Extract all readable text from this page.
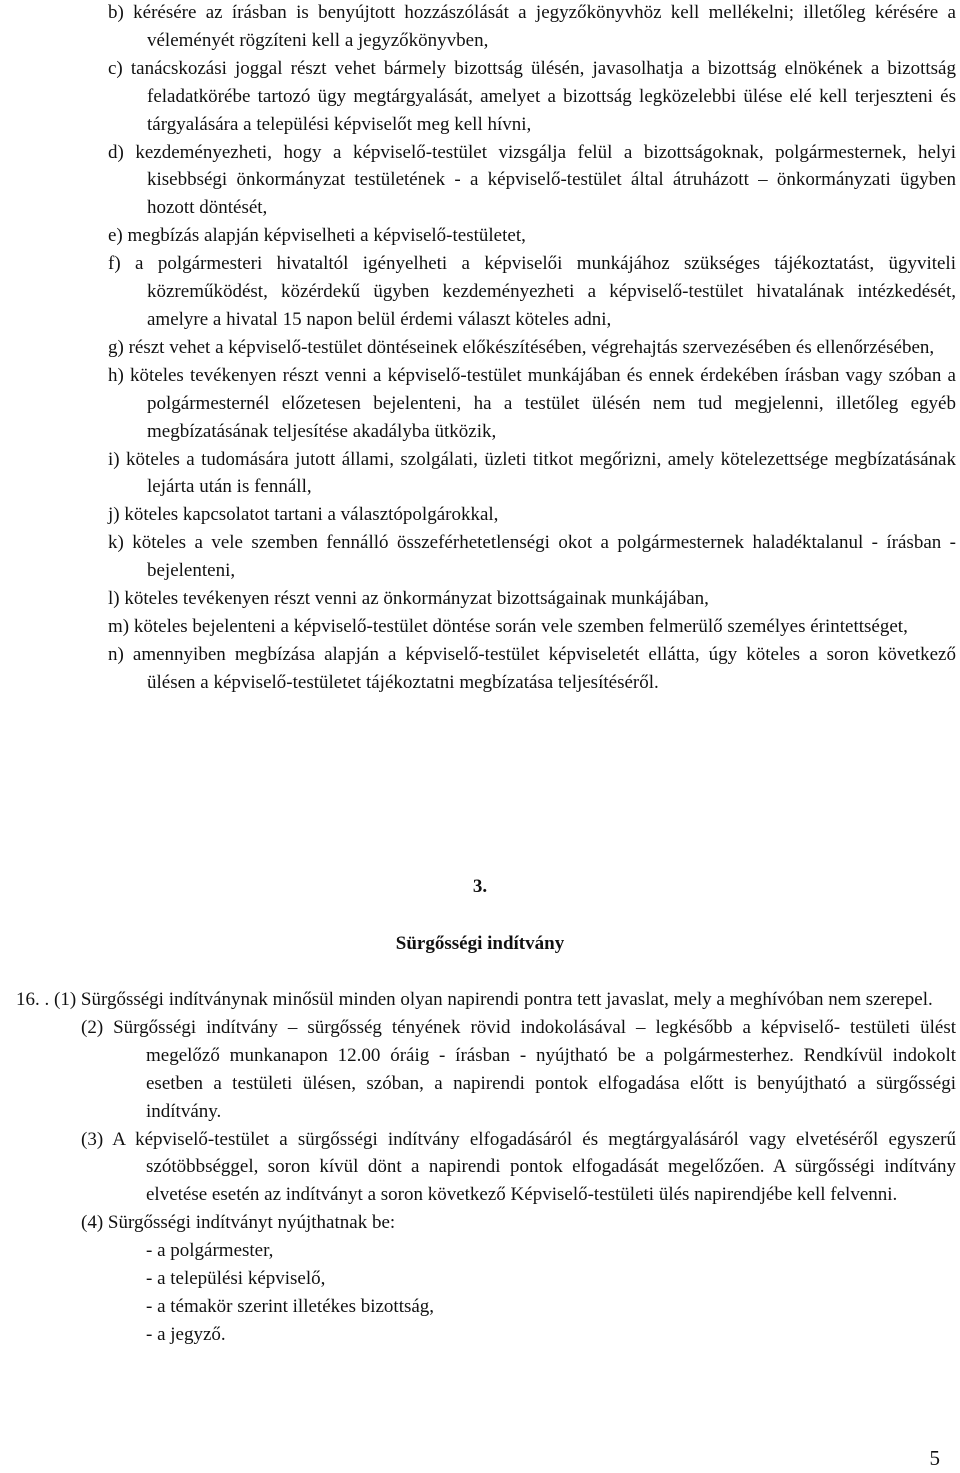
b) kérésére az írásban is benyújtott hozzászólását a jegyzőkönyvhöz kell mellékelni; illetőleg kérésére a véleményét rögzíteni kell a jegyzőkönyvben,

c) tanácskozási joggal részt vehet bármely bizottság ülésén, javasolhatja a bizottság elnökének a bizottság feladatkörébe tartozó ügy megtárgyalását, amelyet a bizottság legközelebbi ülése elé kell terjeszteni és tárgyalására a települési képviselőt meg kell hívni,

d) kezdeményezheti, hogy a képviselő-testület vizsgálja felül a bizottságoknak, polgármesternek, helyi kisebbségi önkormányzat testületének - a képviselő-testület által átruházott – önkormányzati ügyben hozott döntését,

e) megbízás alapján képviselheti a képviselő-testületet,

f) a polgármesteri hivataltól igényelheti a képviselői munkájához szükséges tájékoztatást, ügyviteli közreműködést, közérdekű ügyben kezdeményezheti a képviselő-testület hivatalának intézkedését, amelyre a hivatal 15 napon belül érdemi választ köteles adni,

g) részt vehet a képviselő-testület döntéseinek előkészítésében, végrehajtás szervezésében és ellenőrzésében,

h) köteles tevékenyen részt venni a képviselő-testület munkájában és ennek érdekében írásban vagy szóban a polgármesternél előzetesen bejelenteni, ha a testület ülésén nem tud megjelenni, illetőleg egyéb megbízatásának teljesítése akadályba ütközik,

i) köteles a tudomására jutott állami, szolgálati, üzleti titkot megőrizni, amely kötelezettsége megbízatásának lejárta után is fennáll,

j) köteles kapcsolatot tartani a választópolgárokkal,

k) köteles a vele szemben fennálló összeférhetetlenségi okot a polgármesternek haladéktalanul - írásban - bejelenteni,

l) köteles tevékenyen részt venni az önkormányzat bizottságainak munkájában,

m) köteles bejelenteni a képviselő-testület döntése során vele szemben felmerülő személyes érintettséget,

n) amennyiben megbízása alapján a képviselő-testület képviseletét ellátta, úgy köteles a soron következő ülésen a képviselő-testületet tájékoztatni megbízatása teljesítéséről.

3.
Sürgősségi indítvány

16. . (1) Sürgősségi indítványnak minősül minden olyan napirendi pontra tett javaslat, mely a meghívóban nem szerepel.

(2) Sürgősségi indítvány – sürgősség tényének rövid indokolásával – legkésőbb a képviselő- testületi ülést megelőző munkanapon 12.00 óráig - írásban - nyújtható be a polgármesterhez. Rendkívül indokolt esetben a testületi ülésen, szóban, a napirendi pontok elfogadása előtt is benyújtható a sürgősségi indítvány.

(3) A képviselő-testület a sürgősségi indítvány elfogadásáról és megtárgyalásáról vagy elvetéséről egyszerű szótöbbséggel, soron kívül dönt a napirendi pontok elfogadását megelőzően. A sürgősségi indítvány elvetése esetén az indítványt a soron következő Képviselő-testületi ülés napirendjébe kell felvenni.

(4) Sürgősségi indítványt nyújthatnak be:

- a polgármester,
- a települési képviselő,
- a témakör szerint illetékes bizottság,
- a jegyző.
5
